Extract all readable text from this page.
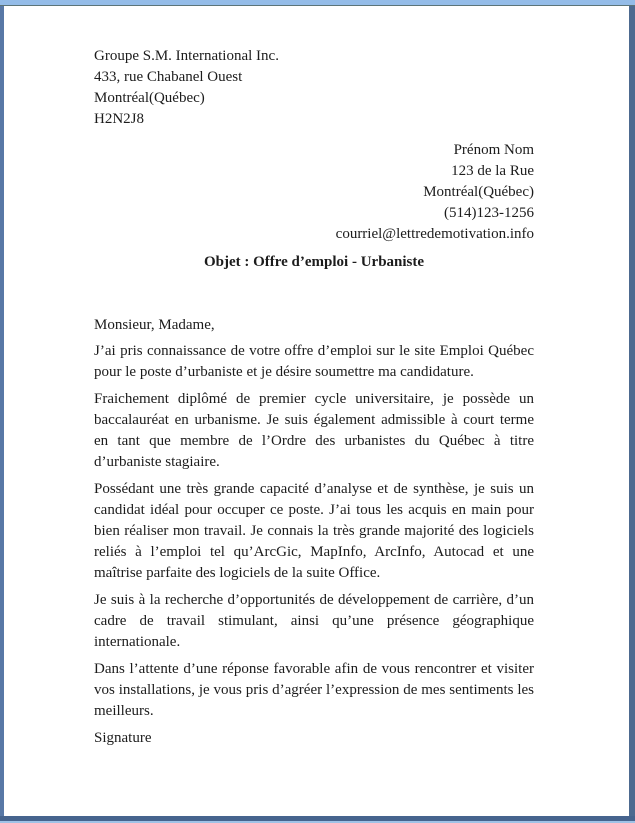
Groupe S.M. International Inc.
433, rue Chabanel Ouest
Montréal(Québec)
H2N2J8
Prénom Nom
123 de la Rue
Montréal(Québec)
(514)123-1256
courriel@lettredemotivation.info
Objet : Offre d’emploi - Urbaniste

Monsieur, Madame,

J’ai pris connaissance de votre offre d’emploi sur le site Emploi Québec pour le poste d’urbaniste et je désire soumettre ma candidature.

Fraichement diplômé de premier cycle universitaire, je possède un baccalauréat en urbanisme. Je suis également admissible à court terme en tant que membre de l’Ordre des urbanistes du Québec à titre d’urbaniste stagiaire.

Possédant une très grande capacité d’analyse et de synthèse, je suis un candidat idéal pour occuper ce poste. J’ai tous les acquis en main pour bien réaliser mon travail. Je connais la très grande majorité des logiciels reliés à l’emploi tel qu’ArcGic, MapInfo, ArcInfo, Autocad et une maîtrise parfaite des logiciels de la suite Office.

Je suis à la recherche d’opportunités de développement de carrière, d’un cadre de travail stimulant, ainsi qu’une présence géographique internationale.

Dans l’attente d’une réponse favorable afin de vous rencontrer et visiter vos installations, je vous pris d’agréer l’expression de mes sentiments les meilleurs.

Signature
